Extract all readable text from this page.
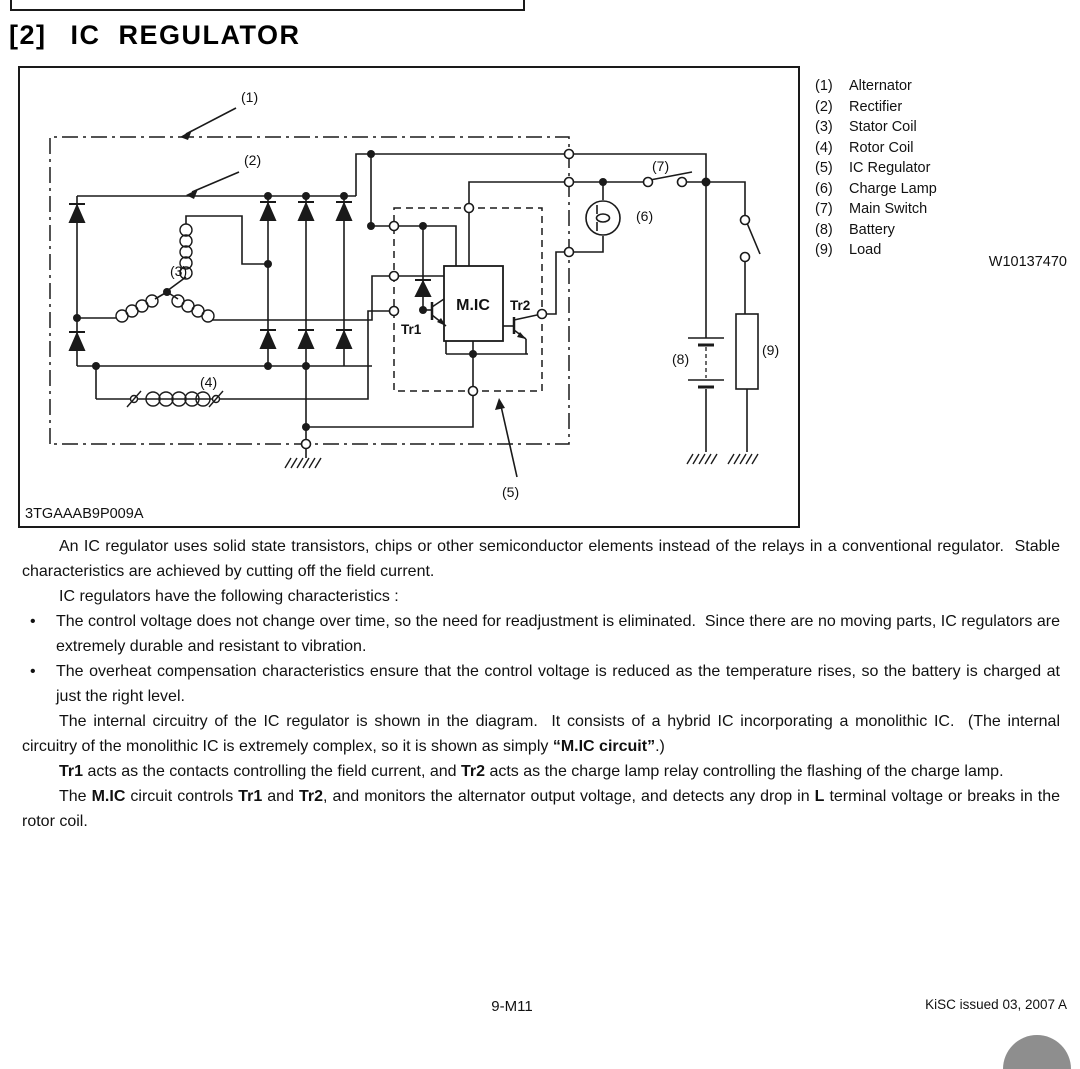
[2] IC REGULATOR
(1)
(2)
(3)
(4)
(5)
(6)
(7)
(8)
(9)
M.IC
Tr1
Tr2
3TGAAAB9P009A
(1)	Alternator
(2)	Rectifier
(3)	Stator Coil
(4)	Rotor Coil
(5)	IC Regulator
(6)	Charge Lamp
(7)	Main Switch
(8)	Battery
(9)	Load
W10137470
An IC regulator uses solid state transistors, chips or other semiconductor elements instead of the relays in a conventional regulator.  Stable characteristics are achieved by cutting off the field current.
IC regulators have the following characteristics :
• The control voltage does not change over time, so the need for readjustment is eliminated.  Since there are no moving parts, IC regulators are extremely durable and resistant to vibration.
• The overheat compensation characteristics ensure that the control voltage is reduced as the temperature rises, so the battery is charged at just the right level.
The internal circuitry of the IC regulator is shown in the diagram.  It consists of a hybrid IC incorporating a monolithic IC.  (The internal circuitry of the monolithic IC is extremely complex, so it is shown as simply “M.IC circuit”.)
Tr1 acts as the contacts controlling the field current, and Tr2 acts as the charge lamp relay controlling the flashing of the charge lamp.
The M.IC circuit controls Tr1 and Tr2, and monitors the alternator output voltage, and detects any drop in L terminal voltage or breaks in the rotor coil.
9-M11	KiSC issued 03, 2007 A
